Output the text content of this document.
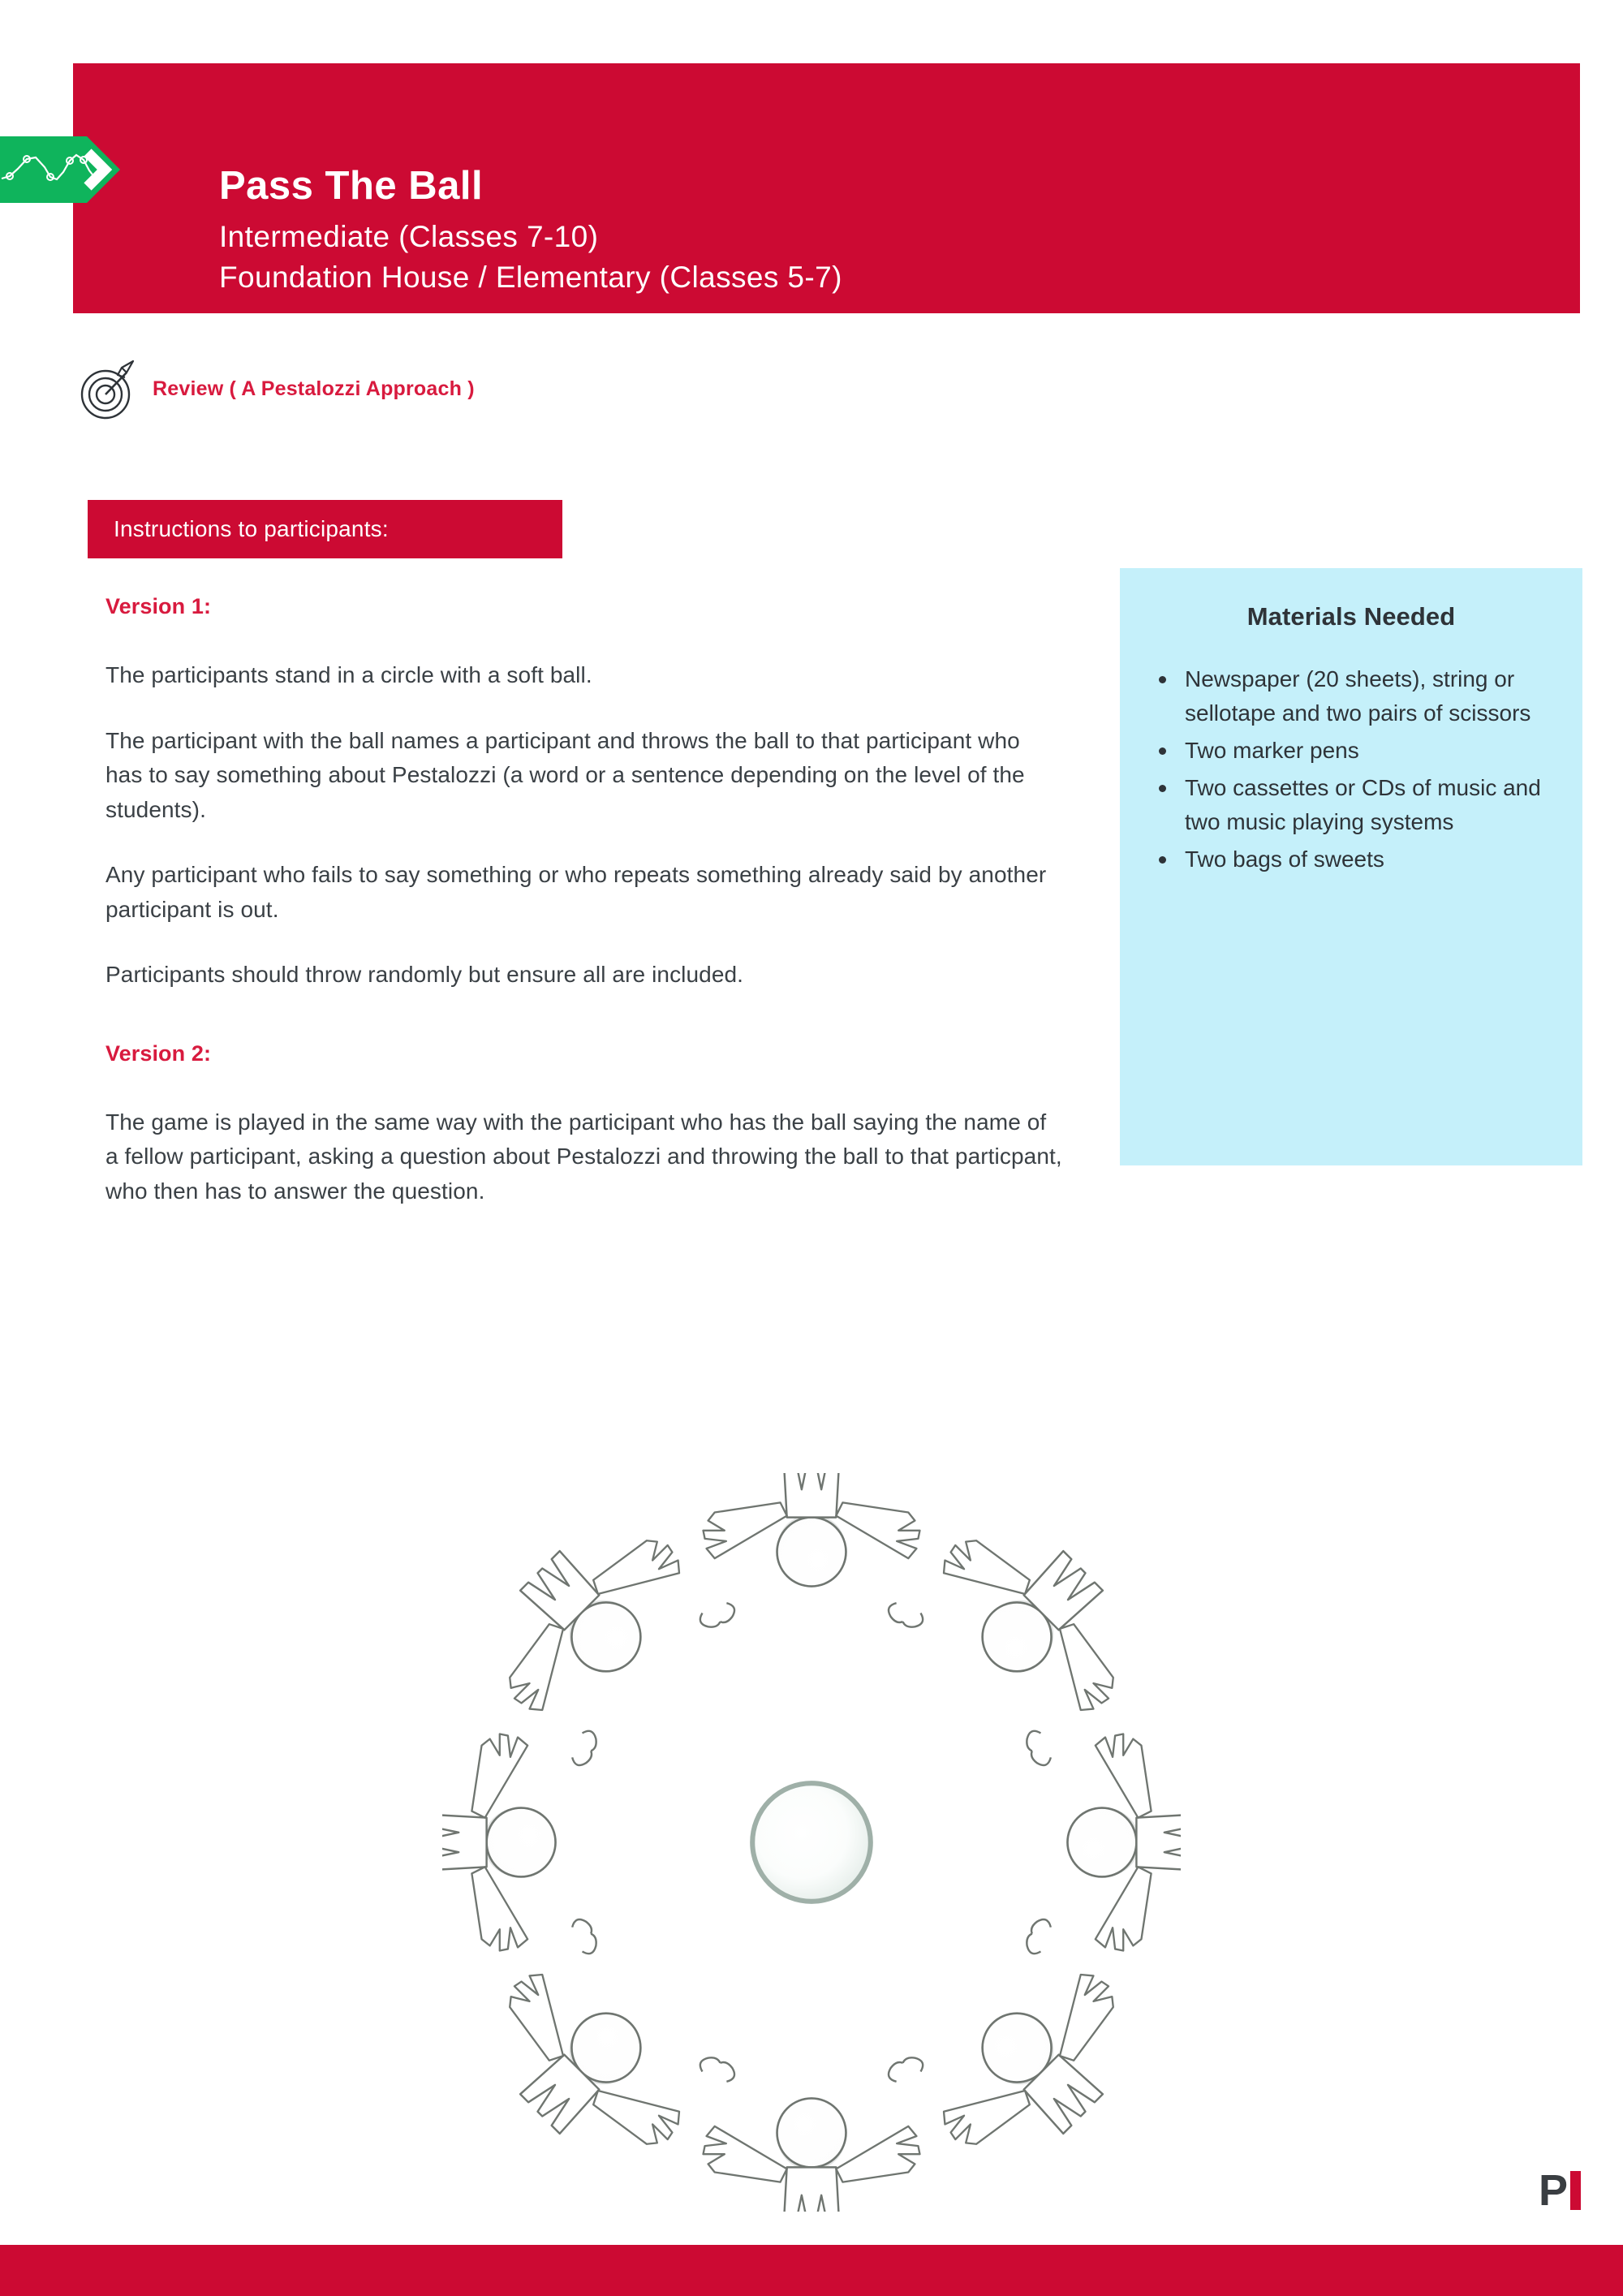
Pass The Ball
Intermediate (Classes 7-10)
Foundation House / Elementary (Classes 5-7)
Review ( A Pestalozzi Approach )
Instructions to participants:
Version 1:
The participants stand in a circle with a soft ball.
The participant with the ball names a participant and throws the ball to that participant who has to say something about Pestalozzi (a word or a sentence depending on the level of the students).
Any participant who fails to say something or who repeats something already said by another participant is out.
Participants should throw randomly but ensure all are included.
Version 2:
The game is played in the same way with the participant who has the ball saying the name of a fellow participant, asking a question about Pestalozzi and throwing the ball to that particpant, who then has to answer the question.
Materials Needed
Newspaper (20 sheets), string or sellotape and two pairs of scissors
Two marker pens
Two cassettes or CDs of music and two music playing systems
Two bags of sweets
P
